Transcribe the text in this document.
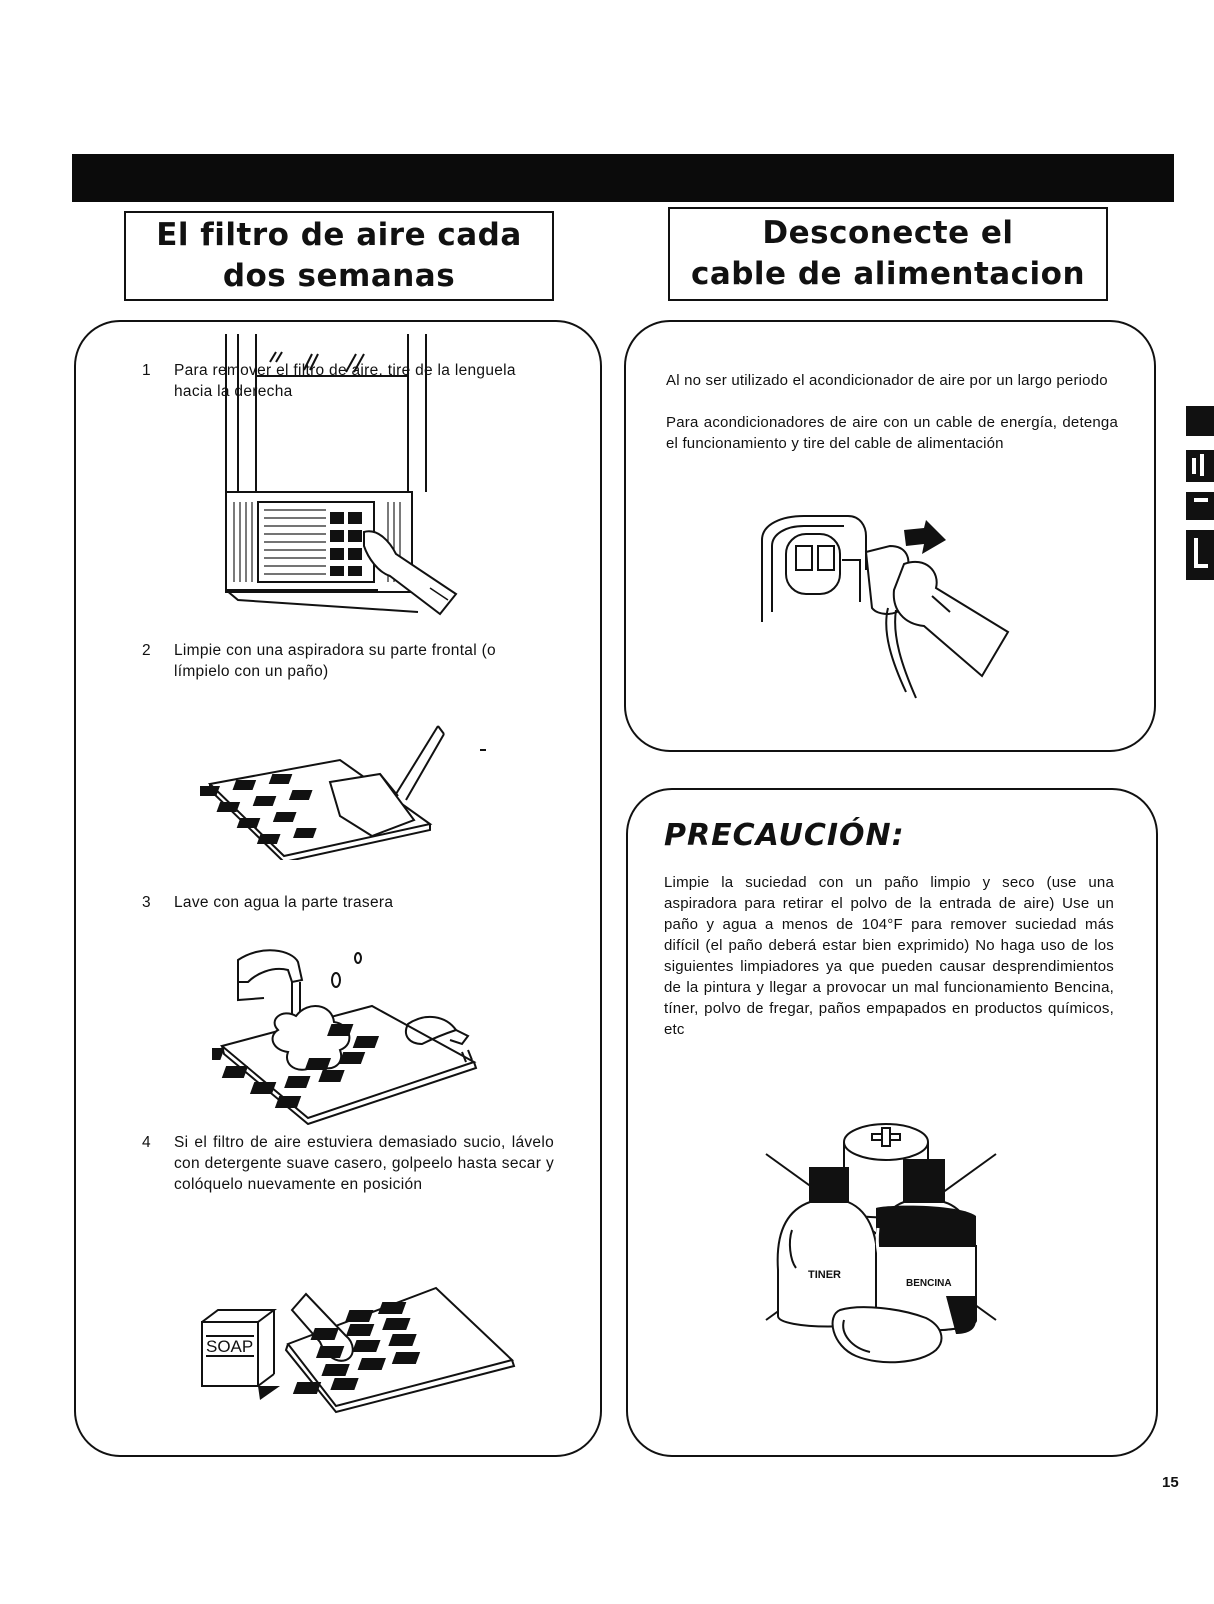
El filtro de aire cada
dos semanas
Desconecte el
cable de alimentacion
1 Para remover el filtro de aire, tire de la lenguela hacia la derecha
2 Limpie con una aspiradora su parte frontal (o límpielo con un paño)
3 Lave con agua la parte trasera
4 Si el filtro de aire estuviera demasiado sucio, lávelo con detergente suave casero, golpeelo hasta secar y colóquelo nuevamente en posición
SOAP
Al no ser utilizado el acondicionador de aire por un largo periodo
Para acondicionadores de aire con un cable de energía, detenga el funcionamiento y tire del cable de alimentación
PRECAUCIÓN:
Limpie la suciedad con un paño limpio y seco (use una aspiradora para retirar el polvo de la entrada de aire) Use un paño y agua a menos de 104°F para remover suciedad más difícil (el paño deberá estar bien exprimido) No haga uso de los siguientes limpiadores ya que pueden causar desprendimientos de la pintura y llegar a provocar un mal funcionamiento Bencina, tíner, polvo de fregar, paños empapados en productos químicos, etc
TINER
BENCINA
15
